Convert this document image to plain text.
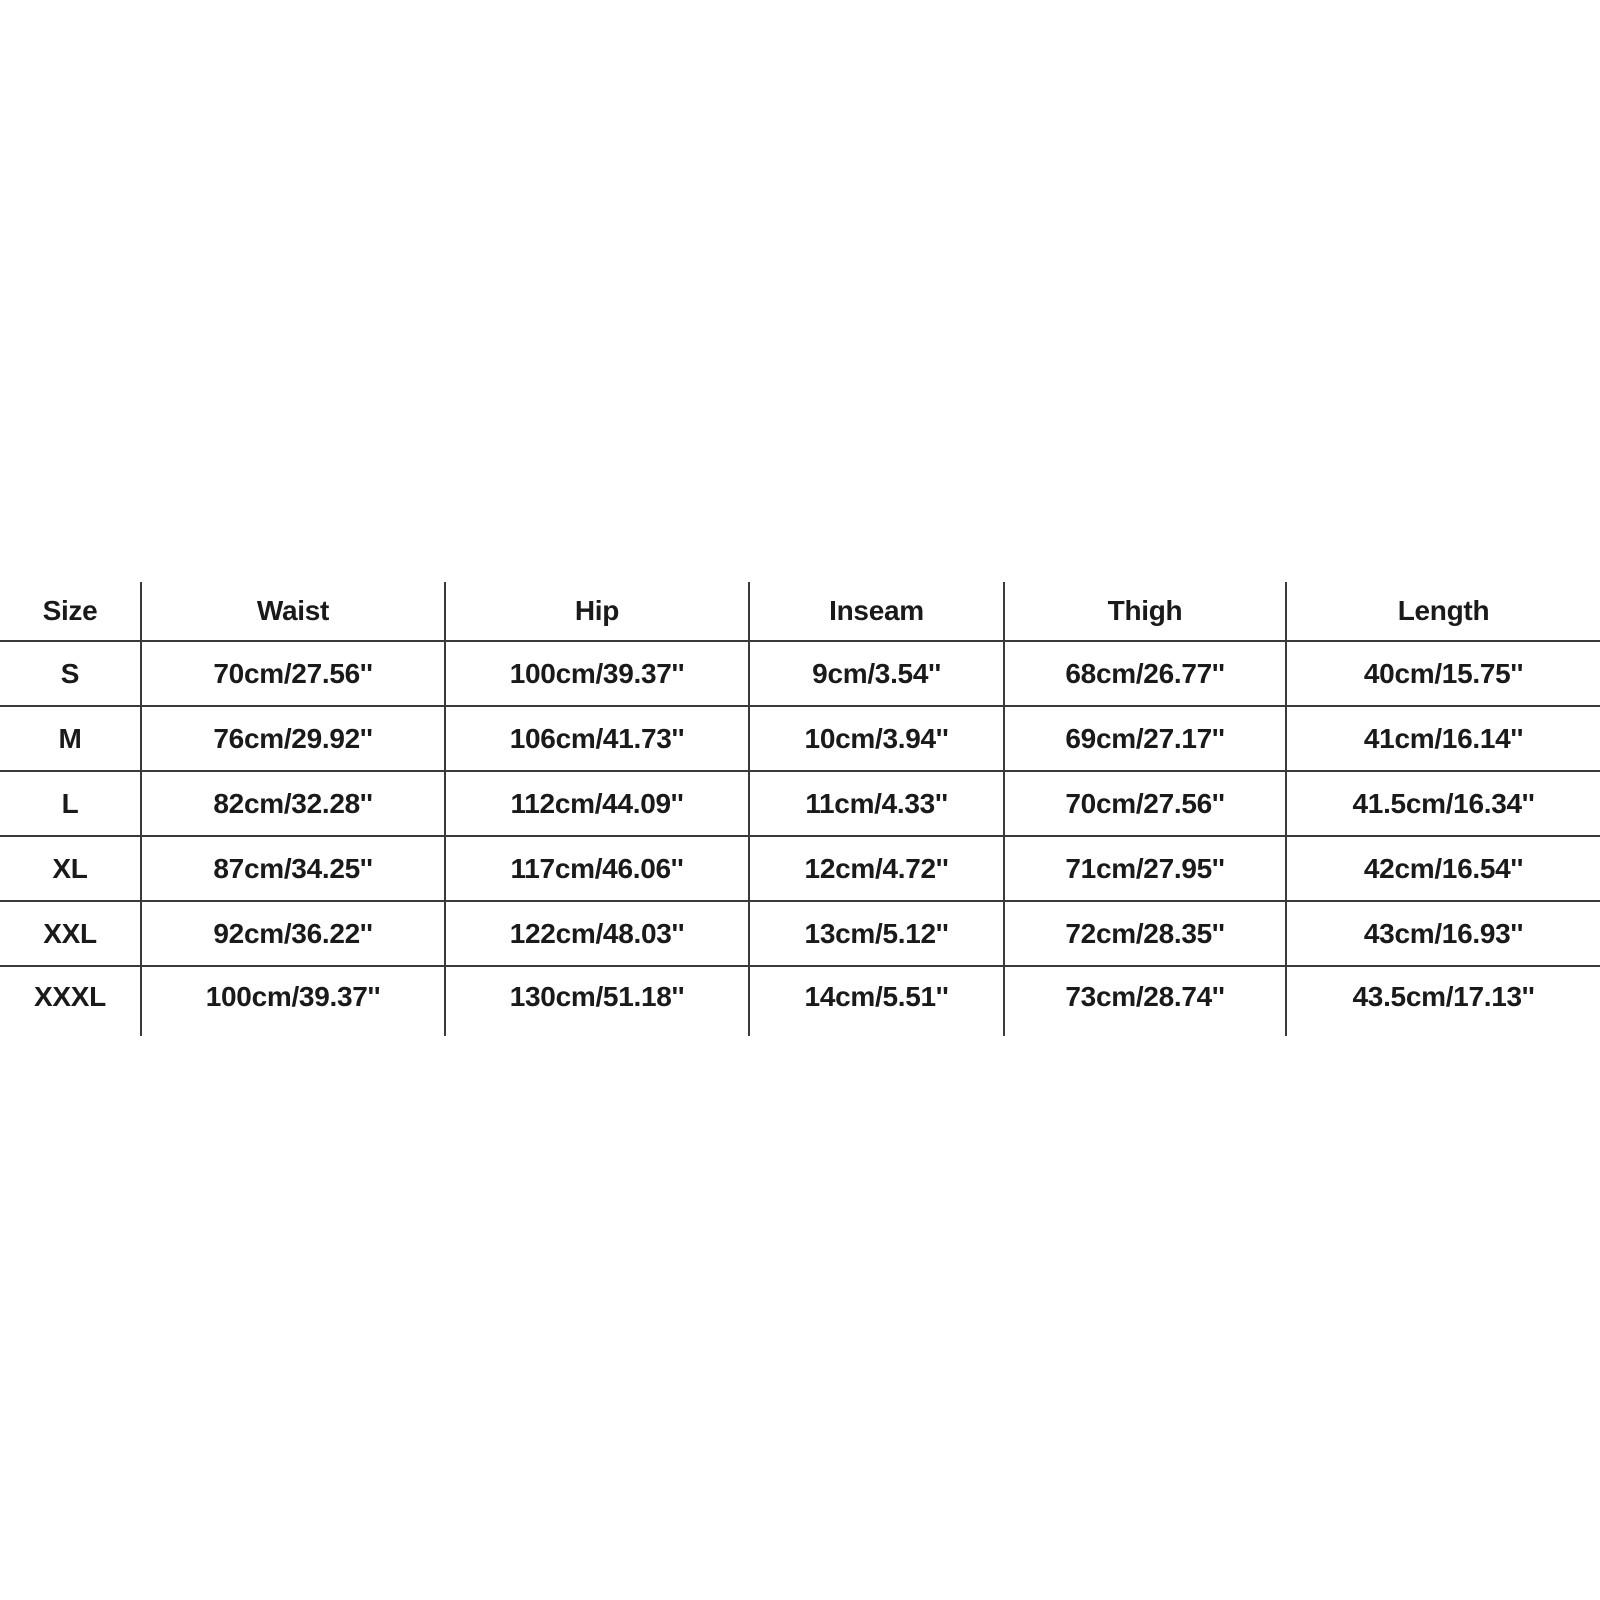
Size	Waist	Hip	Inseam	Thigh	Length
S	70cm/27.56''	100cm/39.37''	9cm/3.54''	68cm/26.77''	40cm/15.75''
M	76cm/29.92''	106cm/41.73''	10cm/3.94''	69cm/27.17''	41cm/16.14''
L	82cm/32.28''	112cm/44.09''	11cm/4.33''	70cm/27.56''	41.5cm/16.34''
XL	87cm/34.25''	117cm/46.06''	12cm/4.72''	71cm/27.95''	42cm/16.54''
XXL	92cm/36.22''	122cm/48.03''	13cm/5.12''	72cm/28.35''	43cm/16.93''
XXXL	100cm/39.37''	130cm/51.18''	14cm/5.51''	73cm/28.74''	43.5cm/17.13''
